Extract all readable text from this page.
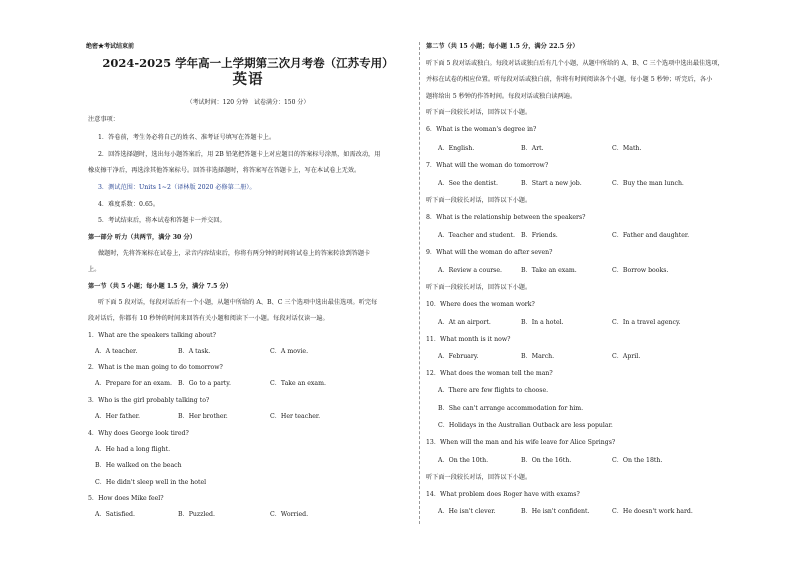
绝密★考试结束前
2024-2025 学年高一上学期第三次月考卷（江苏专用）
英语
（考试时间：120 分钟　试卷满分：150 分）
注意事项：
1．答卷前，考生务必将自己的姓名、准考证号填写在答题卡上。
2．回答选择题时，选出每小题答案后，用 2B 铅笔把答题卡上对应题目的答案标号涂黑，如需改动，用
橡皮擦干净后，再选涂其他答案标号。回答非选择题时，将答案写在答题卡上，写在本试卷上无效。
3．测试范围：Units 1~2（译林版 2020 必修第二册）。
4．难度系数：0.65。
5．考试结束后，将本试卷和答题卡一并交回。
第一部分 听力（共两节，满分 30 分）
做题时，先将答案标在试卷上，录音内容结束后，你将有两分钟的时间将试卷上的答案转涂到答题卡
上。
第一节（共 5 小题；每小题 1.5 分，满分 7.5 分）
听下面 5 段对话，每段对话后有一个小题，从题中所给的 A、B、C 三个选项中选出最佳选项。听完每
段对话后，你都有 10 秒钟的时间来回答有关小题和阅读下一小题。每段对话仅读一遍。
1．What are the speakers talking about?
A．A teacher.	B．A task.	C．A movie.
2．What is the man going to do tomorrow?
A．Prepare for an exam. B．Go to a party.	C．Take an exam.
3．Who is the girl probably talking to?
A．Her father.	B．Her brother.	C．Her teacher.
4．Why does George look tired?
A．He had a long flight.
B．He walked on the beach
C．He didn't sleep well in the hotel
5．How does Mike feel?
A．Satisfied.	B．Puzzled.	C．Worried.
第二节（共 15 小题；每小题 1.5 分，满分 22.5 分）
听下面 5 段对话或独白。每段对话或独白后有几个小题，从题中所给的 A、B、C 三个选项中选出最佳选项，
并标在试卷的相应位置。听每段对话或独白前，你将有时间阅读各个小题，每小题 5 秒钟；听完后，各小
题将给出 5 秒钟的作答时间。每段对话或独白读两遍。
听下面一段较长对话，回答以下小题。
6．What is the woman's degree in?
A．English.	B．Art.	C．Math.
7．What will the woman do tomorrow?
A．See the dentist.	B．Start a new job.	C．Buy the man lunch.
听下面一段较长对话，回答以下小题。
8．What is the relationship between the speakers?
A．Teacher and student. B．Friends.	C．Father and daughter.
9．What will the woman do after seven?
A．Review a course.	B．Take an exam.	C．Borrow books.
听下面一段较长对话，回答以下小题。
10．Where does the woman work?
A．At an airport.	B．In a hotel.	C．In a travel agency.
11．What month is it now?
A．February.	B．March.	C．April.
12．What does the woman tell the man?
A．There are few flights to choose.
B．She can't arrange accommodation for him.
C．Holidays in the Australian Outback are less popular.
13．When will the man and his wife leave for Alice Springs?
A．On the 10th.	B．On the 16th.	C．On the 18th.
听下面一段较长对话，回答以下小题。
14．What problem does Roger have with exams?
A．He isn't clever.	B．He isn't confident.	C．He doesn't work hard.
